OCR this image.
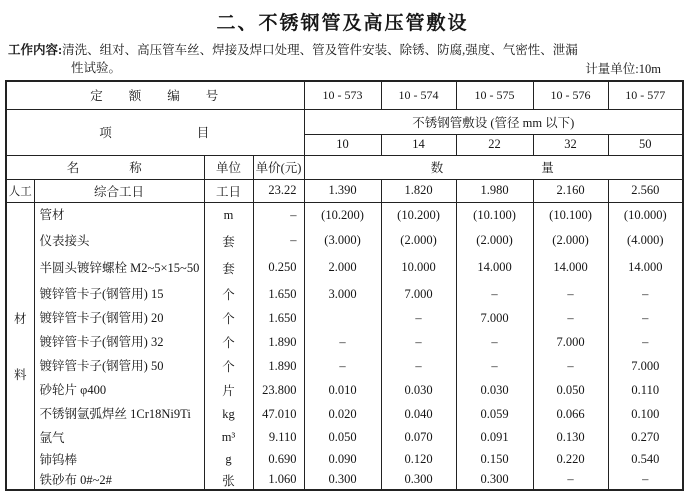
二、不锈钢管及高压管敷设
工作内容:清洗、组对、高压管车丝、焊接及焊口处理、管及管件安装、除锈、防腐,强度、气密性、泄漏性试验。	计量单位:10m
定额编号				10 - 573	10 - 574	10 - 575	10 - 576	10 - 577
项目				不锈钢管敷设 (管径 mm 以下)				
				10	14	22	32	50
名称		单位	单价(元)	数量				
人工	综合工日	工日	23.22	1.390	1.820	1.980	2.160	2.560

材
料	管材	m	–	(10.200)	(10.200)	(10.100)	(10.100)	(10.000)
	仪表接头	套	–	(3.000)	(2.000)	(2.000)	(2.000)	(4.000)
	半圆头镀锌螺栓 M2~5×15~50	套	0.250	2.000	10.000	14.000	14.000	14.000
	镀锌管卡子(钢管用) 15	个	1.650	3.000	7.000	–	–	–
	镀锌管卡子(钢管用) 20	个	1.650		–	7.000	–	–
	镀锌管卡子(钢管用) 32	个	1.890	–	–	–	7.000	–
	镀锌管卡子(钢管用) 50	个	1.890	–	–	–	–	7.000
	砂轮片 φ400	片	23.800	0.010	0.030	0.030	0.050	0.110
	不锈钢氩弧焊丝 1Cr18Ni9Ti	kg	47.010	0.020	0.040	0.059	0.066	0.100
	氩气	m³	9.110	0.050	0.070	0.091	0.130	0.270
	铈钨棒	g	0.690	0.090	0.120	0.150	0.220	0.540
	铁砂布 0#~2#	张	1.060	0.300	0.300	0.300	–	–
